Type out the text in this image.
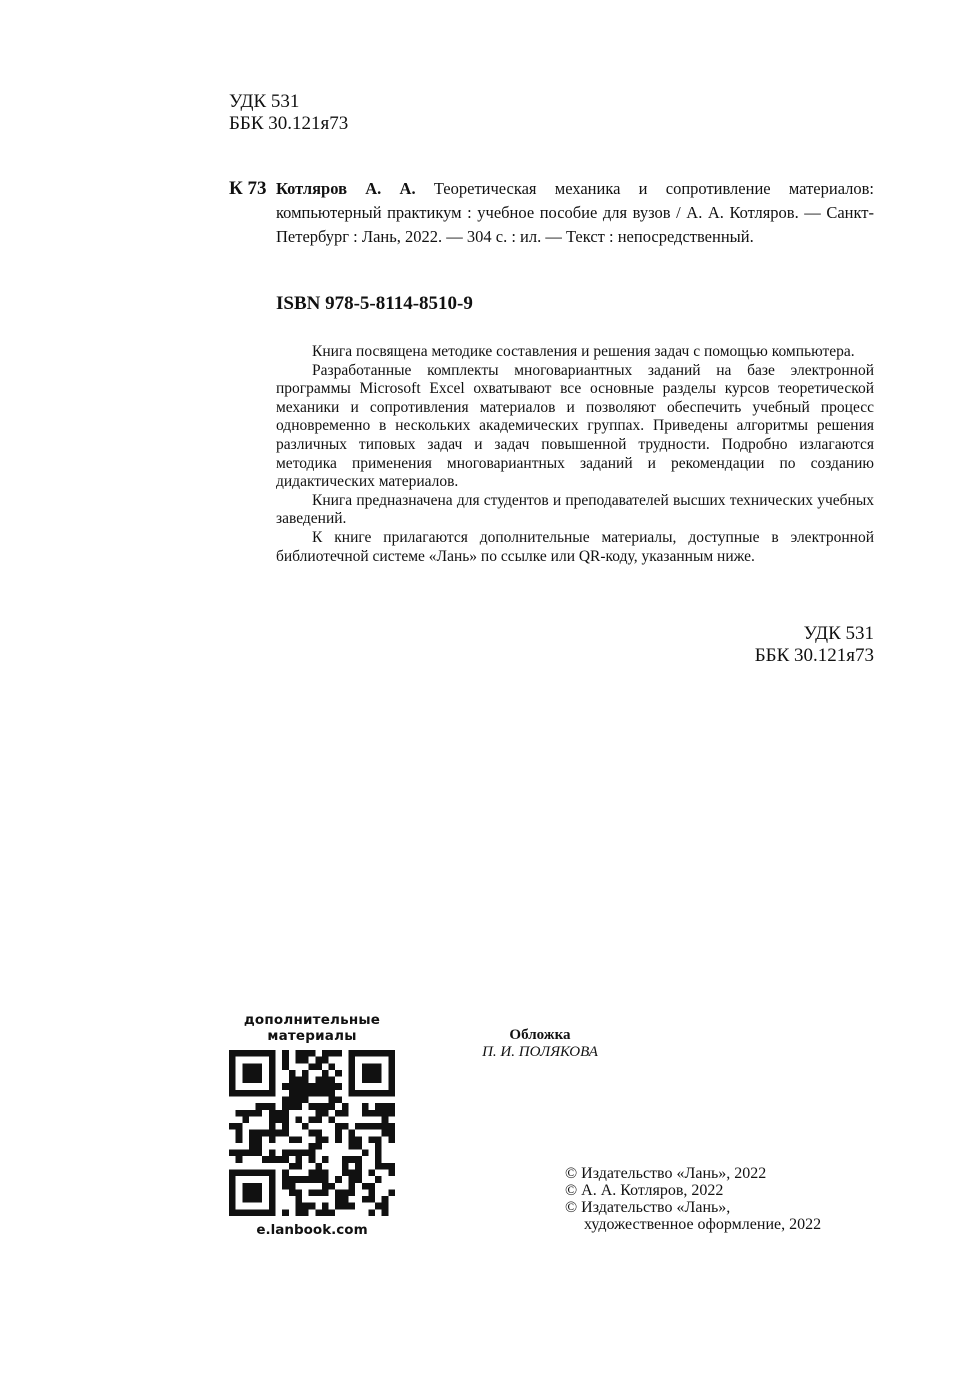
УДК 531
ББК 30.121я73
К 73 Котляров А. А. Теоретическая механика и сопротивление материалов: компьютерный практикум : учебное пособие для вузов / А. А. Котляров. — Санкт-Петербург : Лань, 2022. — 304 с. : ил. — Текст : непосредственный.

ISBN 978-5-8114-8510-9

Книга посвящена методике составления и решения задач с помощью компьютера.

Разработанные комплекты многовариантных заданий на базе электронной программы Microsoft Excel охватывают все основные разделы курсов теоретической механики и сопротивления материалов и позволяют обеспечить учебный процесс одновременно в нескольких академических группах. Приведены алгоритмы решения различных типовых задач и задач повышенной трудности. Подробно излагаются методика применения многовариантных заданий и рекомендации по созданию дидактических материалов.

Книга предназначена для студентов и преподавателей высших технических учебных заведений.

К книге прилагаются дополнительные материалы, доступные в электронной библиотечной системе «Лань» по ссылке или QR-коду, указанным ниже.

УДК 531
ББК 30.121я73
дополнительные
материалы
e.lanbook.com
Обложка
П. И. ПОЛЯКОВА
© Издательство «Лань», 2022
© А. А. Котляров, 2022
© Издательство «Лань»,
художественное оформление, 2022
